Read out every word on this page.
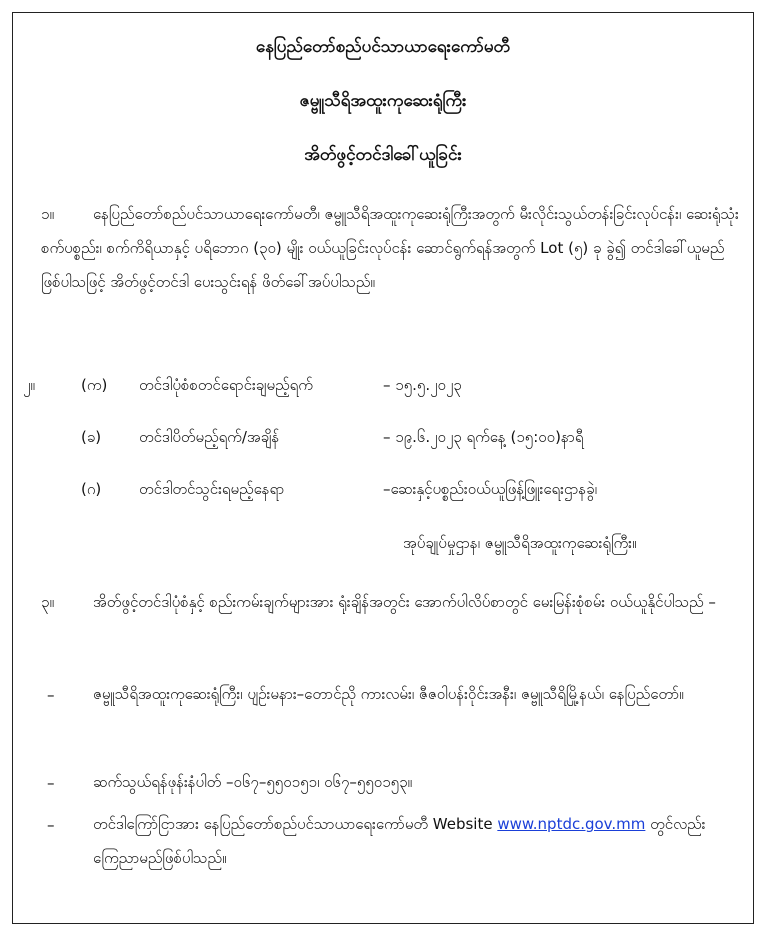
နေပြည်တော်စည်ပင်သာယာရေးကော်မတီ
ဇမ္ဗူသီရိအထူးကုဆေးရုံကြီး
အိတ်ဖွင့်တင်ဒါခေါ်ယူခြင်း
၁။	နေပြည်တော်စည်ပင်သာယာရေးကော်မတီ၊ ဇမ္ဗူသီရိအထူးကုဆေးရုံကြီးအတွက် မီးလိုင်းသွယ်တန်းခြင်းလုပ်ငန်း၊ ဆေးရုံသုံးစက်ပစ္စည်း၊ စက်ကိရိယာနှင့် ပရိဘောဂ (၃၀) မျိုး ဝယ်ယူခြင်းလုပ်ငန်း ဆောင်ရွက်ရန်အတွက် Lot (၅) ခု ခွဲ၍ တင်ဒါခေါ်ယူမည် ဖြစ်ပါသဖြင့် အိတ်ဖွင့်တင်ဒါ ပေးသွင်းရန် ဖိတ်ခေါ်အပ်ပါသည်။
၂။	(က) တင်ဒါပုံစံစတင်ရောင်းချမည့်ရက်	– ၁၅.၅.၂၀၂၃
(ခ)	တင်ဒါပိတ်မည့်ရက်/အချိန်	– ၁၉.၆.၂၀၂၃ ရက်နေ့ (၁၅:၀၀)နာရီ
(ဂ)	တင်ဒါတင်သွင်းရမည့်နေရာ	–ဆေးနှင့်ပစ္စည်းဝယ်ယူဖြန့်ဖြူးရေးဌာနခွဲ၊
အုပ်ချုပ်မှုဌာန၊ ဇမ္ဗူသီရိအထူးကုဆေးရုံကြီး။
၃။	အိတ်ဖွင့်တင်ဒါပုံစံနှင့် စည်းကမ်းချက်များအား ရုံးချိန်အတွင်း အောက်ပါလိပ်စာတွင် မေးမြန်းစုံစမ်း ဝယ်ယူနိုင်ပါသည် –
–	ဇမ္ဗူသီရိအထူးကုဆေးရုံကြီး၊ ပျဉ်းမနား–တောင်ညို ကားလမ်း၊ ဇီဇဝါပန်းဝိုင်းအနီး၊ ဇမ္ဗူသီရိမြို့နယ်၊ နေပြည်တော်။
–	ဆက်သွယ်ရန်ဖုန်းနံပါတ် –၀၆၇–၅၅၀၁၅၁၊ ၀၆၇–၅၅၀၁၅၃။
–	တင်ဒါကြော်ငြာအား နေပြည်တော်စည်ပင်သာယာရေးကော်မတီ Website www.nptdc.gov.mm တွင်လည်း ကြေညာမည်ဖြစ်ပါသည်။
